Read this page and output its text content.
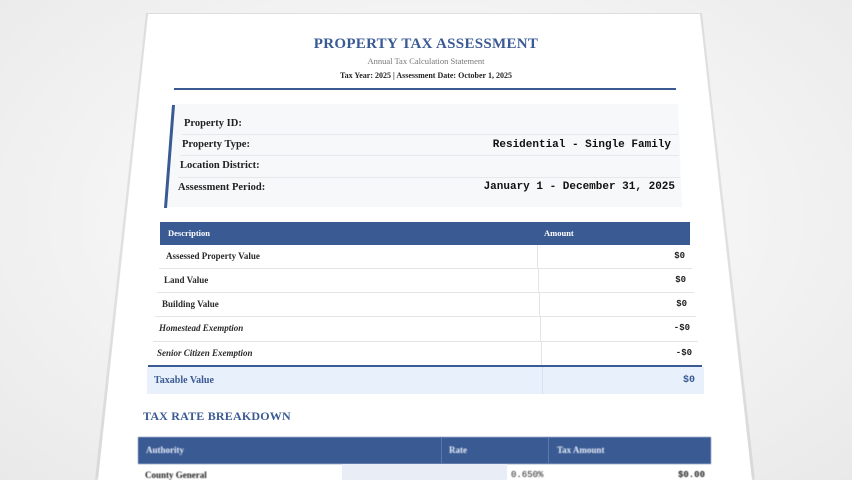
PROPERTY TAX ASSESSMENT
Annual Tax Calculation Statement
Tax Year: 2025 | Assessment Date: October 1, 2025
Property ID:
Property Type:	Residential - Single Family
Location District:
Assessment Period:	January 1 - December 31, 2025
Description	Amount
Assessed Property Value	$0
Land Value	$0
Building Value	$0
Homestead Exemption	-$0
Senior Citizen Exemption	-$0
Taxable Value	$0
TAX RATE BREAKDOWN
Authority	Rate	Tax Amount
County General	0.650%	$0.00
